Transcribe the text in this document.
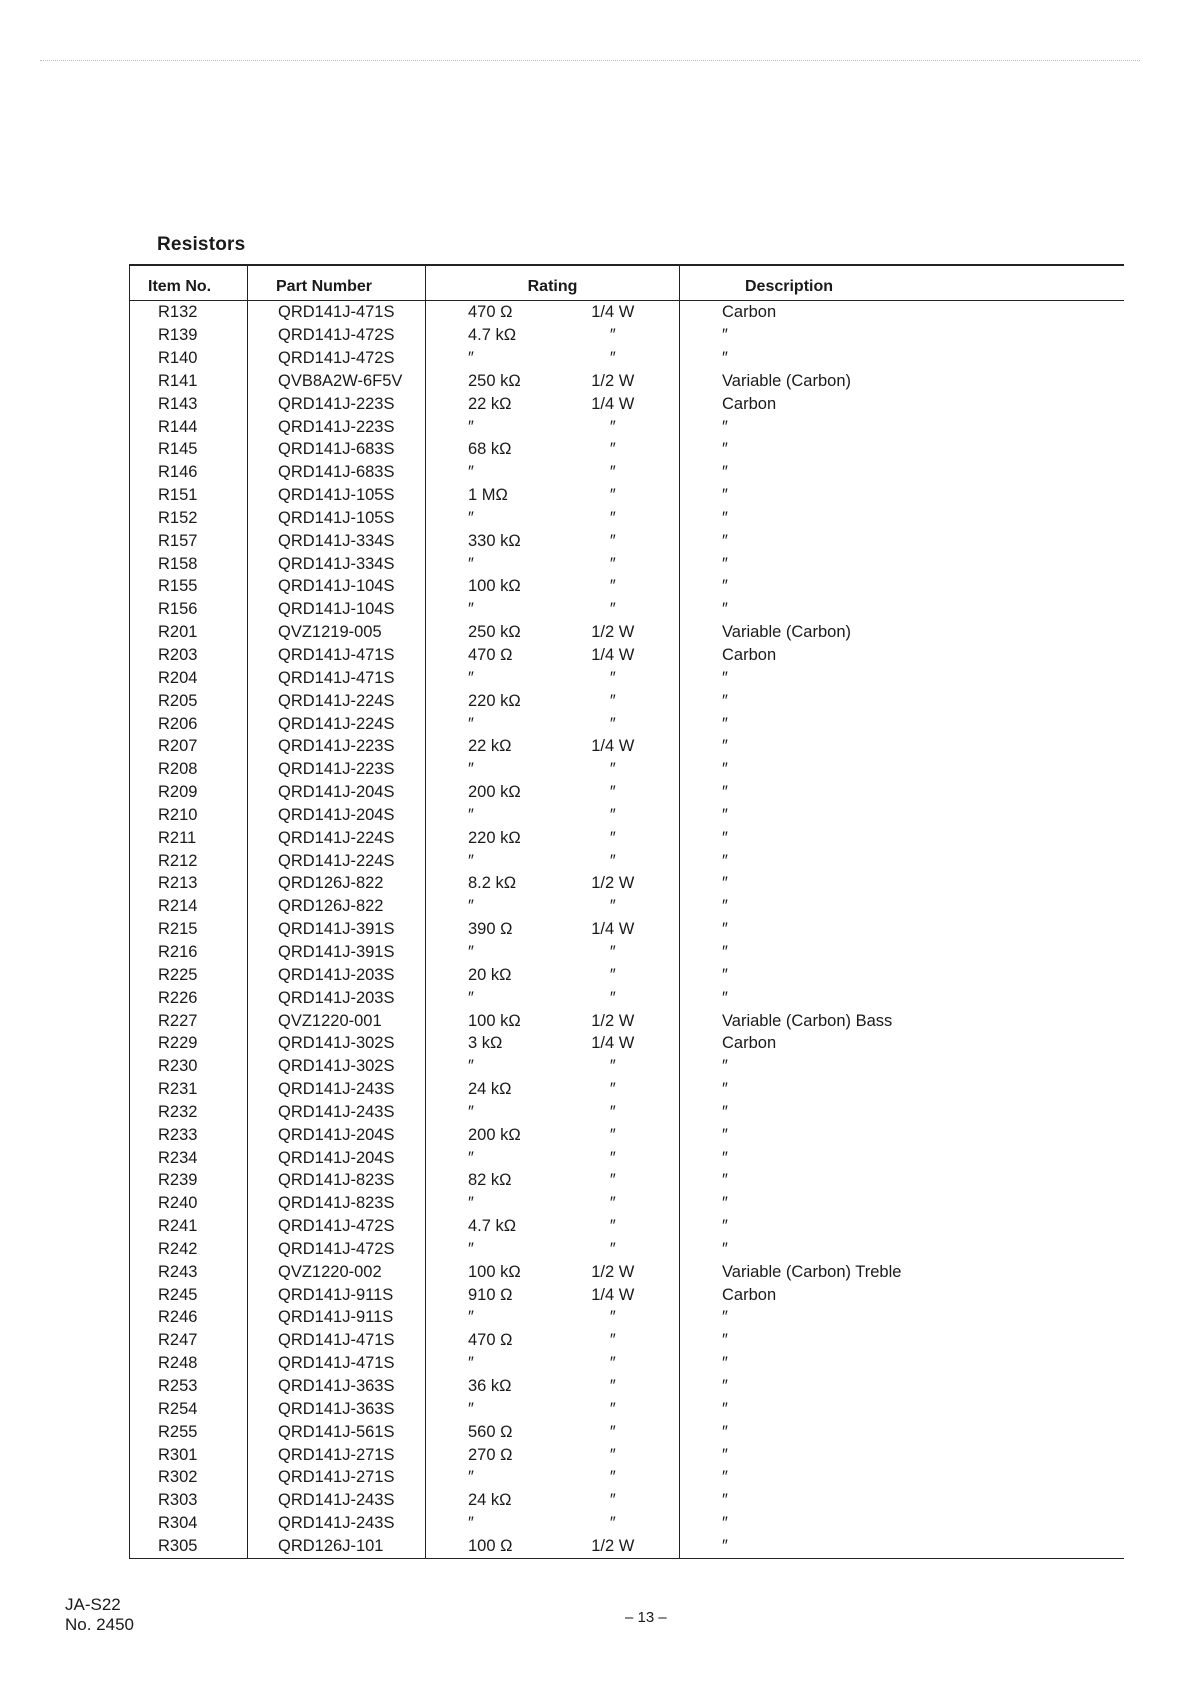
Resistors
Item No.	Part Number	Rating		Description
R132	QRD141J-471S	470 Ω	1/4 W	Carbon
R139	QRD141J-472S	4.7 kΩ	″	″
R140	QRD141J-472S	″	″	″
R141	QVB8A2W-6F5V	250 kΩ	1/2 W	Variable (Carbon)
R143	QRD141J-223S	22 kΩ	1/4 W	Carbon
R144	QRD141J-223S	″	″	″
R145	QRD141J-683S	68 kΩ	″	″
R146	QRD141J-683S	″	″	″
R151	QRD141J-105S	1 MΩ	″	″
R152	QRD141J-105S	″	″	″
R157	QRD141J-334S	330 kΩ	″	″
R158	QRD141J-334S	″	″	″
R155	QRD141J-104S	100 kΩ	″	″
R156	QRD141J-104S	″	″	″
R201	QVZ1219-005	250 kΩ	1/2 W	Variable (Carbon)
R203	QRD141J-471S	470 Ω	1/4 W	Carbon
R204	QRD141J-471S	″	″	″
R205	QRD141J-224S	220 kΩ	″	″
R206	QRD141J-224S	″	″	″
R207	QRD141J-223S	22 kΩ	1/4 W	″
R208	QRD141J-223S	″	″	″
R209	QRD141J-204S	200 kΩ	″	″
R210	QRD141J-204S	″	″	″
R211	QRD141J-224S	220 kΩ	″	″
R212	QRD141J-224S	″	″	″
R213	QRD126J-822	8.2 kΩ	1/2 W	″
R214	QRD126J-822	″	″	″
R215	QRD141J-391S	390 Ω	1/4 W	″
R216	QRD141J-391S	″	″	″
R225	QRD141J-203S	20 kΩ	″	″
R226	QRD141J-203S	″	″	″
R227	QVZ1220-001	100 kΩ	1/2 W	Variable (Carbon) Bass
R229	QRD141J-302S	3 kΩ	1/4 W	Carbon
R230	QRD141J-302S	″	″	″
R231	QRD141J-243S	24 kΩ	″	″
R232	QRD141J-243S	″	″	″
R233	QRD141J-204S	200 kΩ	″	″
R234	QRD141J-204S	″	″	″
R239	QRD141J-823S	82 kΩ	″	″
R240	QRD141J-823S	″	″	″
R241	QRD141J-472S	4.7 kΩ	″	″
R242	QRD141J-472S	″	″	″
R243	QVZ1220-002	100 kΩ	1/2 W	Variable (Carbon) Treble
R245	QRD141J-911S	910 Ω	1/4 W	Carbon
R246	QRD141J-911S	″	″	″
R247	QRD141J-471S	470 Ω	″	″
R248	QRD141J-471S	″	″	″
R253	QRD141J-363S	36 kΩ	″	″
R254	QRD141J-363S	″	″	″
R255	QRD141J-561S	560 Ω	″	″
R301	QRD141J-271S	270 Ω	″	″
R302	QRD141J-271S	″	″	″
R303	QRD141J-243S	24 kΩ	″	″
R304	QRD141J-243S	″	″	″
R305	QRD126J-101	100 Ω	1/2 W	″
JA-S22
No. 2450	– 13 –
